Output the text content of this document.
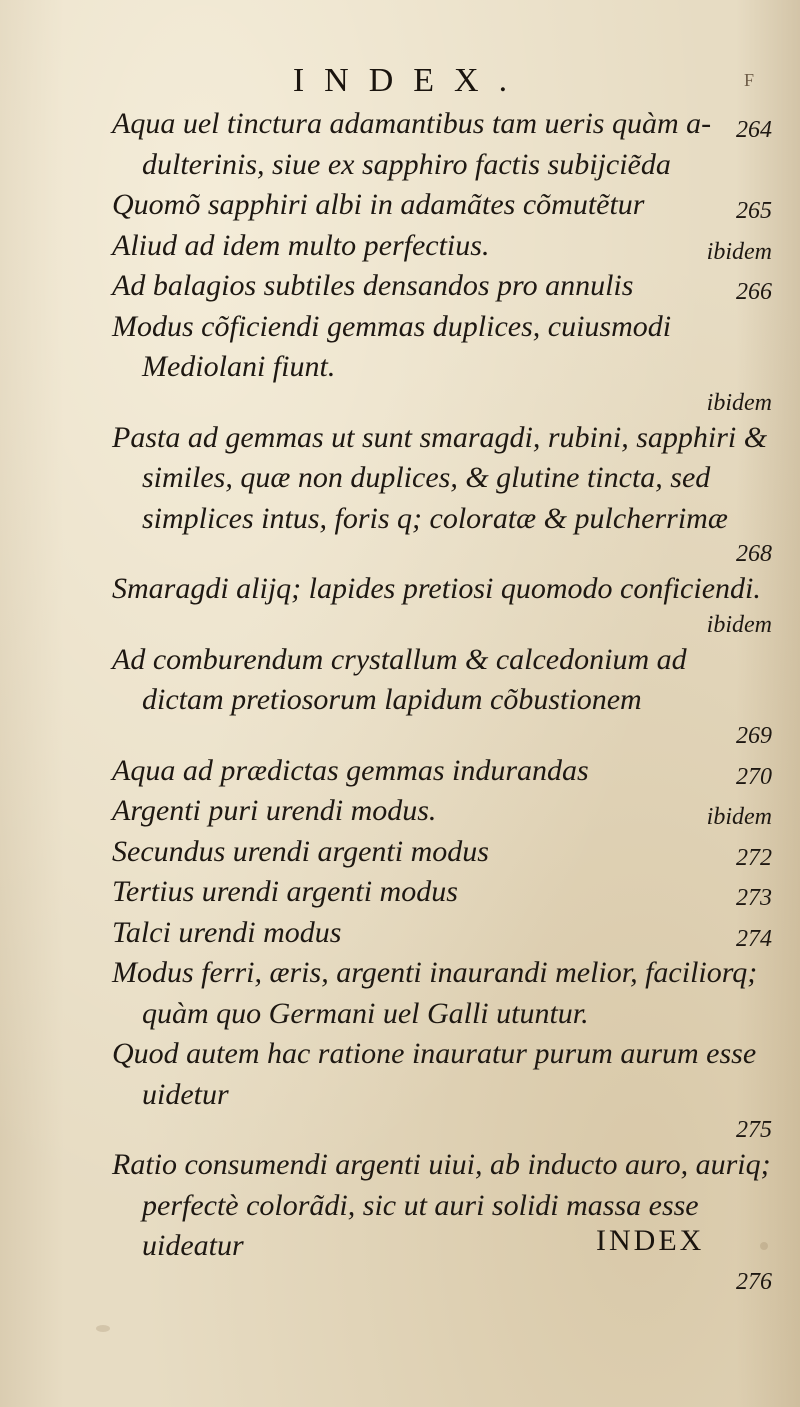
INDEX.	F
264
Aqua uel tinctura adamantibus tam ueris quàm a-dulterinis, siue ex sapphiro factis subijcie͂da
265
Quomõ sapphiri albi in adamãtes cõmutẽtur
ibidem
Aliud ad idem multo perfectius.
266
Ad balagios subtiles densandos pro annulis
Modus cõficiendi gemmas duplices, cuiusmodi Mediolani fiunt.
ibidem
Pasta ad gemmas ut sunt smaragdi, rubini, sapphiri & similes, quæ non duplices, & glutine tincta, sed simplices intus, foris q; coloratæ & pulcherrimæ
268
Smaragdi alijq; lapides pretiosi quomodo conficiendi.
ibidem
Ad comburendum crystallum & calcedonium ad dictam pretiosorum lapidum cõbustionem
269
270
Aqua ad prædictas gemmas indurandas
ibidem
Argenti puri urendi modus.
272
Secundus urendi argenti modus
273
Tertius urendi argenti modus
274
Talci urendi modus
Modus ferri, æris, argenti inaurandi melior, faciliorq; quàm quo Germani uel Galli utuntur.
Quod autem hac ratione inauratur purum aurum esse uidetur
275
Ratio consumendi argenti uiui, ab inducto auro, auriq; perfectè colorãdi, sic ut auri solidi massa esse uideatur
276
INDEX
